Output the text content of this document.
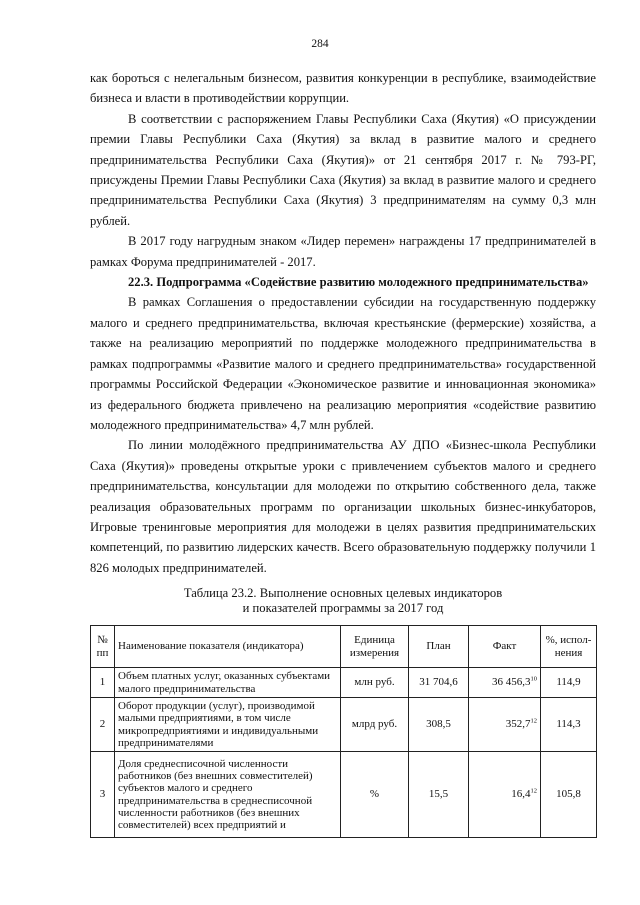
284

как бороться с нелегальным бизнесом, развития конкуренции в республике, взаимодействие бизнеса и власти в противодействии коррупции.

В соответствии с распоряжением Главы Республики Саха (Якутия) «О присуждении премии Главы Республики Саха (Якутия) за вклад в развитие малого и среднего предпринимательства Республики Саха (Якутия)» от 21 сентября 2017 г. № 793-РГ, присуждены Премии Главы Республики Саха (Якутия) за вклад в развитие малого и среднего предпринимательства Республики Саха (Якутия) 3 предпринимателям на сумму 0,3 млн рублей.

В 2017 году нагрудным знаком «Лидер перемен» награждены 17 предпринимателей в рамках Форума предпринимателей - 2017.

22.3. Подпрограмма «Содействие развитию молодежного предпринимательства»

В рамках Соглашения о предоставлении субсидии на государственную поддержку малого и среднего предпринимательства, включая крестьянские (фермерские) хозяйства, а также на реализацию мероприятий по поддержке молодежного предпринимательства в рамках подпрограммы «Развитие малого и среднего предпринимательства» государственной программы Российской Федерации «Экономическое развитие и инновационная экономика» из федерального бюджета привлечено на реализацию мероприятия «содействие развитию молодежного предпринимательства» 4,7 млн рублей.

По линии молодёжного предпринимательства АУ ДПО «Бизнес-школа Республики Саха (Якутия)» проведены открытые уроки с привлечением субъектов малого и среднего предпринимательства, консультации для молодежи по открытию собственного дела, также реализация образовательных программ по организации школьных бизнес-инкубаторов, Игровые тренинговые мероприятия для молодежи в целях развития предпринимательских компетенций, по развитию лидерских качеств. Всего образовательную поддержку получили 1 826 молодых предпринимателей.

Таблица 23.2. Выполнение основных целевых индикаторов
и показателей программы за 2017 год
№ пп	Наименование показателя (индикатора)	Единица измерения	План	Факт	%, испол-нения
1	Объем платных услуг, оказанных субъектами малого предпринимательства	млн руб.	31 704,6	36 456,3$^{10}$	114,9
2	Оборот продукции (услуг), производимой малыми предприятиями, в том числе микропредприятиями и индивидуальными предпринимателями	млрд руб.	308,5	352,7$^{12}$	114,3
3	Доля среднесписочной численности работников (без внешних совместителей) субъектов малого и среднего предпринимательства в среднесписочной численности работников (без внешних совместителей) всех предприятий и	%	15,5	16,4$^{12}$	105,8
